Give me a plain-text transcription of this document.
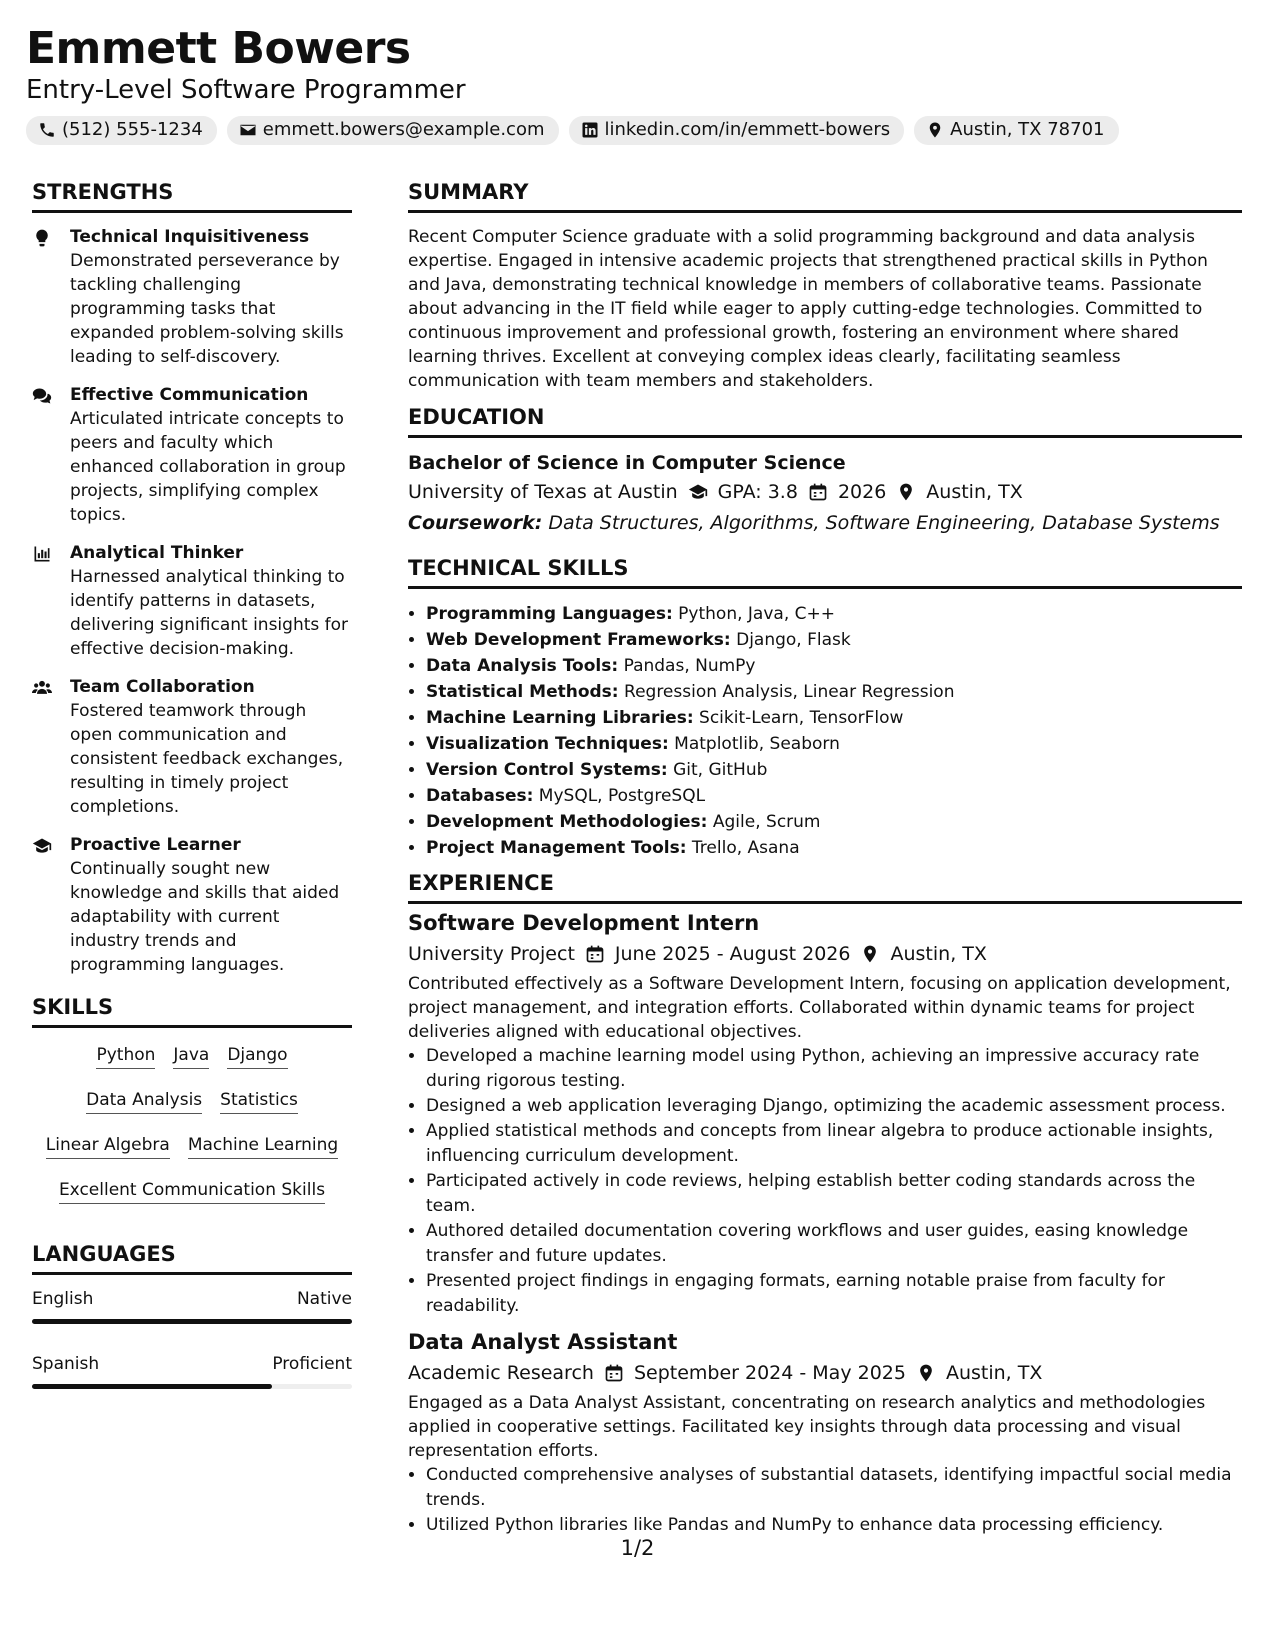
Emmett Bowers
Entry-Level Software Programmer
(512) 555-1234	emmett.bowers@example.com	linkedin.com/in/emmett-bowers	Austin, TX 78701
STRENGTHS
Technical Inquisitiveness
Demonstrated perseverance by tackling challenging programming tasks that expanded problem-solving skills leading to self-discovery.
Effective Communication
Articulated intricate concepts to peers and faculty which enhanced collaboration in group projects, simplifying complex topics.
Analytical Thinker
Harnessed analytical thinking to identify patterns in datasets, delivering significant insights for effective decision-making.
Team Collaboration
Fostered teamwork through open communication and consistent feedback exchanges, resulting in timely project completions.
Proactive Learner
Continually sought new knowledge and skills that aided adaptability with current industry trends and programming languages.
SKILLS
Python Java Django
Data Analysis Statistics
Linear Algebra Machine Learning
Excellent Communication Skills
LANGUAGES
English	Native
Spanish	Proficient
SUMMARY
Recent Computer Science graduate with a solid programming background and data analysis expertise. Engaged in intensive academic projects that strengthened practical skills in Python and Java, demonstrating technical knowledge in members of collaborative teams. Passionate about advancing in the IT field while eager to apply cutting-edge technologies. Committed to continuous improvement and professional growth, fostering an environment where shared learning thrives. Excellent at conveying complex ideas clearly, facilitating seamless communication with team members and stakeholders.
EDUCATION
Bachelor of Science in Computer Science
University of Texas at Austin GPA: 3.8 2026 Austin, TX
Coursework: Data Structures, Algorithms, Software Engineering, Database Systems
TECHNICAL SKILLS
• Programming Languages: Python, Java, C++
• Web Development Frameworks: Django, Flask
• Data Analysis Tools: Pandas, NumPy
• Statistical Methods: Regression Analysis, Linear Regression
• Machine Learning Libraries: Scikit-Learn, TensorFlow
• Visualization Techniques: Matplotlib, Seaborn
• Version Control Systems: Git, GitHub
• Databases: MySQL, PostgreSQL
• Development Methodologies: Agile, Scrum
• Project Management Tools: Trello, Asana
EXPERIENCE
Software Development Intern
University Project June 2025 - August 2026 Austin, TX
Contributed effectively as a Software Development Intern, focusing on application development, project management, and integration efforts. Collaborated within dynamic teams for project deliveries aligned with educational objectives.
• Developed a machine learning model using Python, achieving an impressive accuracy rate during rigorous testing.
• Designed a web application leveraging Django, optimizing the academic assessment process.
• Applied statistical methods and concepts from linear algebra to produce actionable insights, influencing curriculum development.
• Participated actively in code reviews, helping establish better coding standards across the team.
• Authored detailed documentation covering workflows and user guides, easing knowledge transfer and future updates.
• Presented project findings in engaging formats, earning notable praise from faculty for readability.
Data Analyst Assistant
Academic Research September 2024 - May 2025 Austin, TX
Engaged as a Data Analyst Assistant, concentrating on research analytics and methodologies applied in cooperative settings. Facilitated key insights through data processing and visual representation efforts.
• Conducted comprehensive analyses of substantial datasets, identifying impactful social media trends.
• Utilized Python libraries like Pandas and NumPy to enhance data processing efficiency.
1/2
